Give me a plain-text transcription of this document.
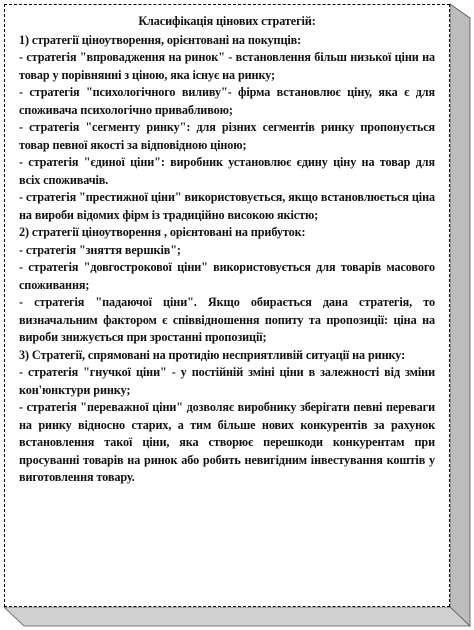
Класифікація цінових стратегій:

1) стратегії ціноутворення, орієнтовані на покупців:

- стратегія "впровадження на ринок" - встановлення більш низької ціни на товар у порівнянні з ціною, яка існує на ринку;

- стратегія "психологічного виливу"- фірма встановлює ціну, яка є для споживача психологічно привабливою;

- стратегія "сегменту ринку": для різних сегментів ринку пропонується товар певної якості за відповідною ціною;

- стратегія "єдиної ціни": виробник установлює єдину ціну на товар для всіх споживачів.

- стратегія "престижної ціни" використовується, якщо встановлюється ціна на вироби відомих фірм із традиційно високою якістю;

2) стратегії ціноутворення , орієнтовані на прибуток:

- стратегія "зняття вершків";

- стратегія "довгострокової ціни" використовується для товарів масового споживання;

- стратегія "падаючої ціни". Якщо обирається дана стратегія, то визначальним фактором є співвідношення попиту та пропозиції: ціна на вироби знижується при зростанні пропозиції;

3) Стратегії, спрямовані на протидію несприятливій ситуації на ринку:

- стратегія "гнучкої ціни" - у постійній зміні ціни в залежності від зміни кон'юнктури ринку;

- стратегія "переважної ціни" дозволяє виробнику зберігати певні переваги на ринку відносно старих, а тим більше нових конкурентів за рахунок встановлення такої ціни, яка створює перешкоди конкурентам при просуванні товарів на ринок або робить невигідним інвестування коштів у виготовлення товару.
